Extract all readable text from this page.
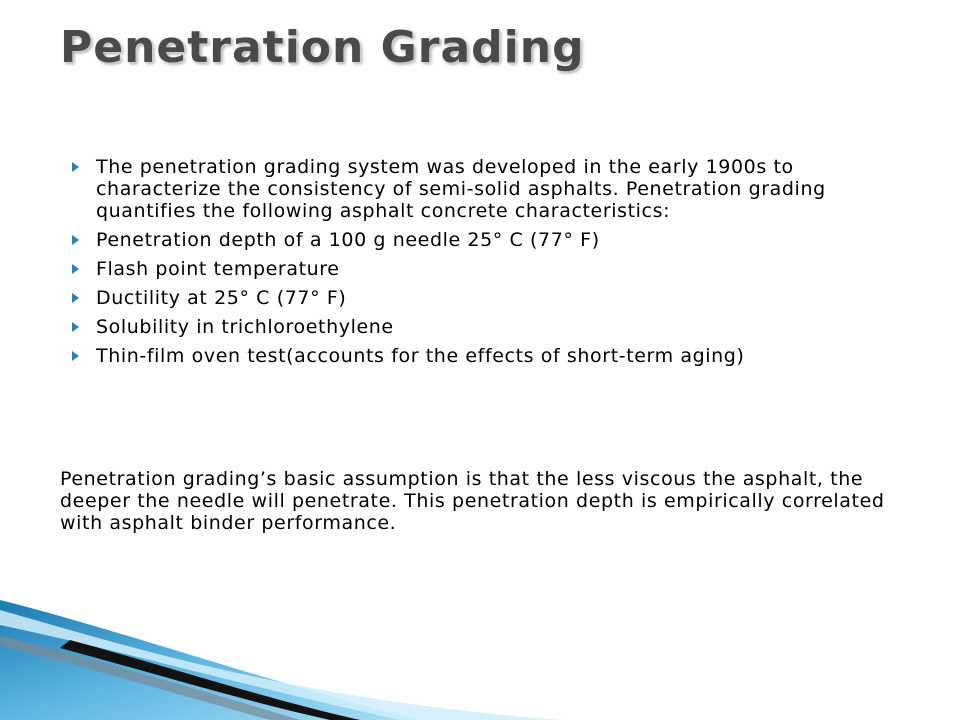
Penetration Grading
The penetration grading system was developed in the early 1900s to characterize the consistency of semi-solid asphalts. Penetration grading quantifies the following asphalt concrete characteristics:
Penetration depth of a 100 g needle 25° C (77° F)
Flash point temperature
Ductility at 25° C (77° F)
Solubility in trichloroethylene
Thin-film oven test(accounts for the effects of short-term aging)

Penetration grading’s basic assumption is that the less viscous the asphalt, the deeper the needle will penetrate. This penetration depth is empirically correlated with asphalt binder performance.
